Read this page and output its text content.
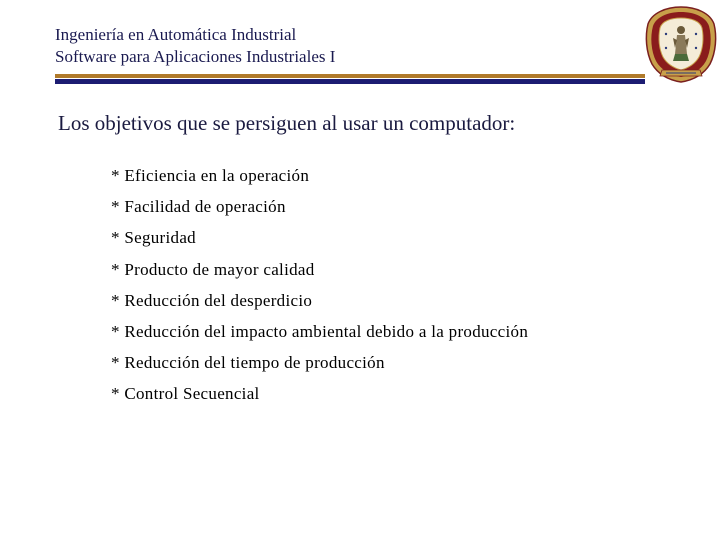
Ingeniería en Automática Industrial
Software para Aplicaciones Industriales I
Los objetivos que se persiguen al usar un computador:
* Eficiencia en la operación
* Facilidad de operación
* Seguridad
* Producto de mayor calidad
* Reducción del desperdicio
* Reducción del impacto ambiental debido a la producción
* Reducción del tiempo de producción
* Control Secuencial
